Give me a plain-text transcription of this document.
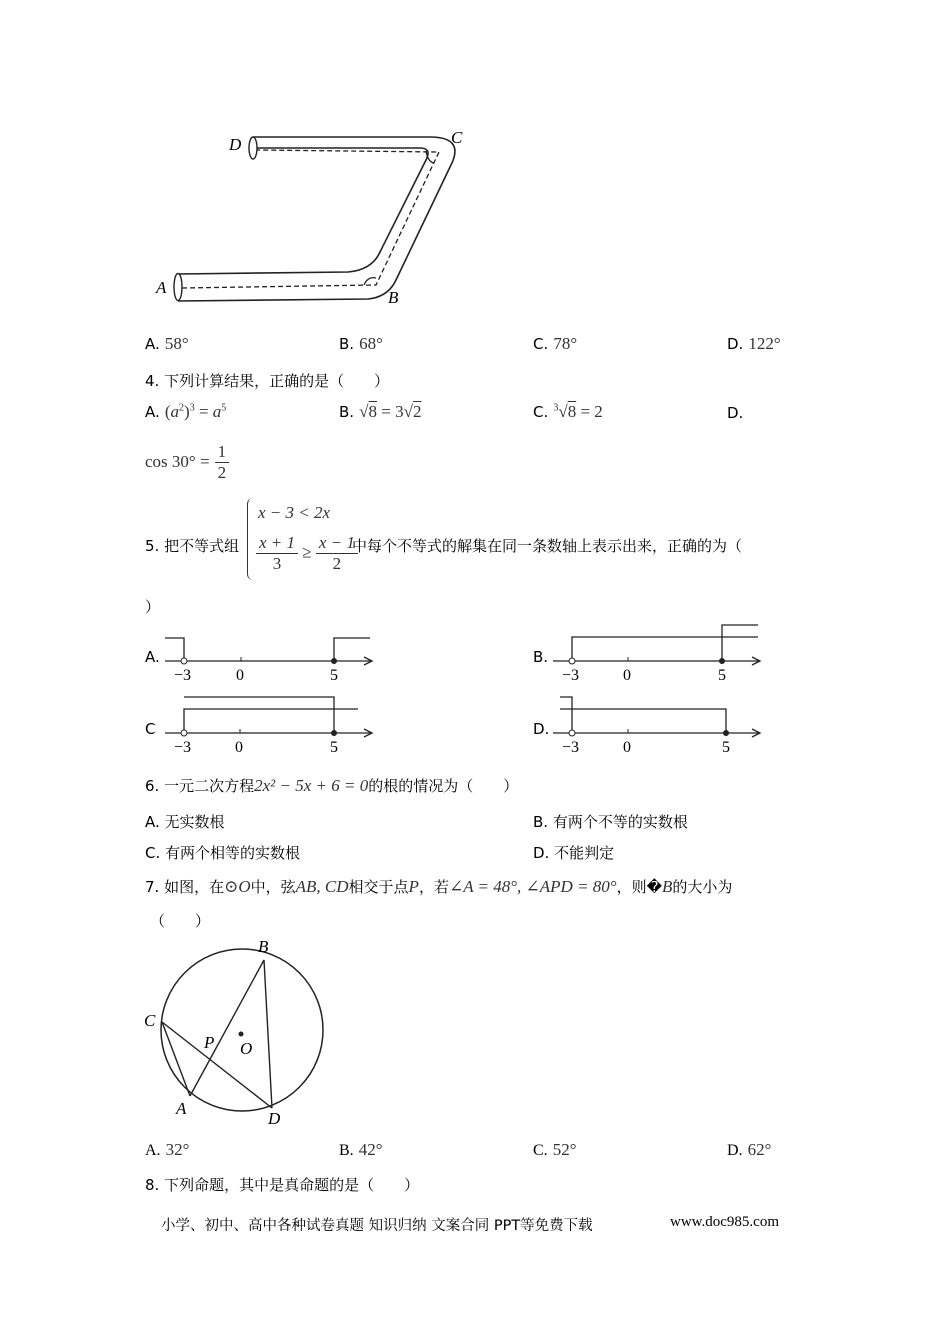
D	C
A
B
A. 58°	B. 68°	C. 78°	D. 122°
4. 下列计算结果，正确的是（　　）
A. $(a^2)^3 = a^5$	B. √8 = 3√2	C. $^3$√8 = 2	D.
$\cos 30^\circ = \frac{1}{2}$
5. 把不等式组
x − 3 < 2x
$\frac{x + 1}{3} \ge \frac{x - 1}{2}$
中每个不等式的解集在同一条数轴上表示出来，正确的为（
）
A.
−3	0	5
B.
−3	0	5
C
−3	0	5
D.
−3	0	5
6. 一元二次方程2x² − 5x + 6 = 0的根的情况为（　　）
A. 无实数根	B. 有两个不等的实数根
C. 有两个相等的实数根	D. 不能判定
7. 如图，在⊙O中，弦AB, CD相交于点P，若∠A = 48°, ∠APD = 80°，则�B的大小为
（　　）
B
C
P O
A
D
A. 32°	B. 42°	C. 52°	D. 62°
8. 下列命题，其中是真命题的是（　　）
小学、初中、高中各种试卷真题 知识归纳 文案合同 PPT等免费下载	www.doc985.com
